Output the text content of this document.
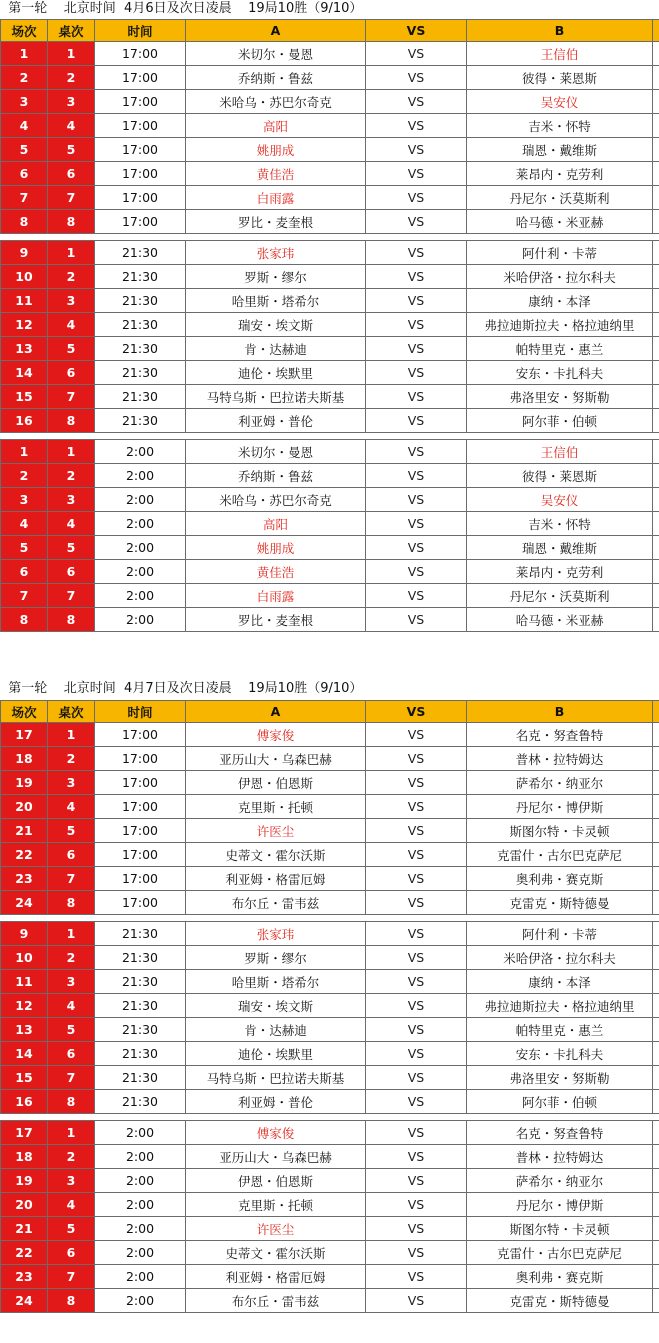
第一轮    北京时间  4月6日及次日凌晨    19局10胜（9/10）
场次	桌次	时间	A	VS	B	
1	1	17:00	米切尔・曼恩	VS	王信伯	
2	2	17:00	乔纳斯・鲁兹	VS	彼得・莱恩斯	
3	3	17:00	米哈乌・苏巴尔奇克	VS	吴安仪	
4	4	17:00	高阳	VS	吉米・怀特	
5	5	17:00	姚朋成	VS	瑞恩・戴维斯	
6	6	17:00	黄佳浩	VS	莱昂内・克劳利	
7	7	17:00	白雨露	VS	丹尼尔・沃莫斯利	
8	8	17:00	罗比・麦奎根	VS	哈马德・米亚赫	

9	1	21:30	张家玮	VS	阿什利・卡蒂	
10	2	21:30	罗斯・缪尔	VS	米哈伊洛・拉尔科夫	
11	3	21:30	哈里斯・塔希尔	VS	康纳・本泽	
12	4	21:30	瑞安・埃文斯	VS	弗拉迪斯拉夫・格拉迪纳里	
13	5	21:30	肯・达赫迪	VS	帕特里克・惠兰	
14	6	21:30	迪伦・埃默里	VS	安东・卡扎科夫	
15	7	21:30	马特乌斯・巴拉诺夫斯基	VS	弗洛里安・努斯勒	
16	8	21:30	利亚姆・普伦	VS	阿尔菲・伯顿	

1	1	2:00	米切尔・曼恩	VS	王信伯	
2	2	2:00	乔纳斯・鲁兹	VS	彼得・莱恩斯	
3	3	2:00	米哈乌・苏巴尔奇克	VS	吴安仪	
4	4	2:00	高阳	VS	吉米・怀特	
5	5	2:00	姚朋成	VS	瑞恩・戴维斯	
6	6	2:00	黄佳浩	VS	莱昂内・克劳利	
7	7	2:00	白雨露	VS	丹尼尔・沃莫斯利	
8	8	2:00	罗比・麦奎根	VS	哈马德・米亚赫	
第一轮    北京时间  4月7日及次日凌晨    19局10胜（9/10）
场次	桌次	时间	A	VS	B	
17	1	17:00	傅家俊	VS	名克・努查鲁特	
18	2	17:00	亚历山大・乌森巴赫	VS	普林・拉特姆达	
19	3	17:00	伊恩・伯恩斯	VS	萨希尔・纳亚尔	
20	4	17:00	克里斯・托顿	VS	丹尼尔・博伊斯	
21	5	17:00	许医尘	VS	斯图尔特・卡灵顿	
22	6	17:00	史蒂文・霍尔沃斯	VS	克雷什・古尔巴克萨尼	
23	7	17:00	利亚姆・格雷厄姆	VS	奥利弗・赛克斯	
24	8	17:00	布尔丘・雷韦兹	VS	克雷克・斯特德曼	

9	1	21:30	张家玮	VS	阿什利・卡蒂	
10	2	21:30	罗斯・缪尔	VS	米哈伊洛・拉尔科夫	
11	3	21:30	哈里斯・塔希尔	VS	康纳・本泽	
12	4	21:30	瑞安・埃文斯	VS	弗拉迪斯拉夫・格拉迪纳里	
13	5	21:30	肯・达赫迪	VS	帕特里克・惠兰	
14	6	21:30	迪伦・埃默里	VS	安东・卡扎科夫	
15	7	21:30	马特乌斯・巴拉诺夫斯基	VS	弗洛里安・努斯勒	
16	8	21:30	利亚姆・普伦	VS	阿尔菲・伯顿	

17	1	2:00	傅家俊	VS	名克・努查鲁特	
18	2	2:00	亚历山大・乌森巴赫	VS	普林・拉特姆达	
19	3	2:00	伊恩・伯恩斯	VS	萨希尔・纳亚尔	
20	4	2:00	克里斯・托顿	VS	丹尼尔・博伊斯	
21	5	2:00	许医尘	VS	斯图尔特・卡灵顿	
22	6	2:00	史蒂文・霍尔沃斯	VS	克雷什・古尔巴克萨尼	
23	7	2:00	利亚姆・格雷厄姆	VS	奥利弗・赛克斯	
24	8	2:00	布尔丘・雷韦兹	VS	克雷克・斯特德曼	
